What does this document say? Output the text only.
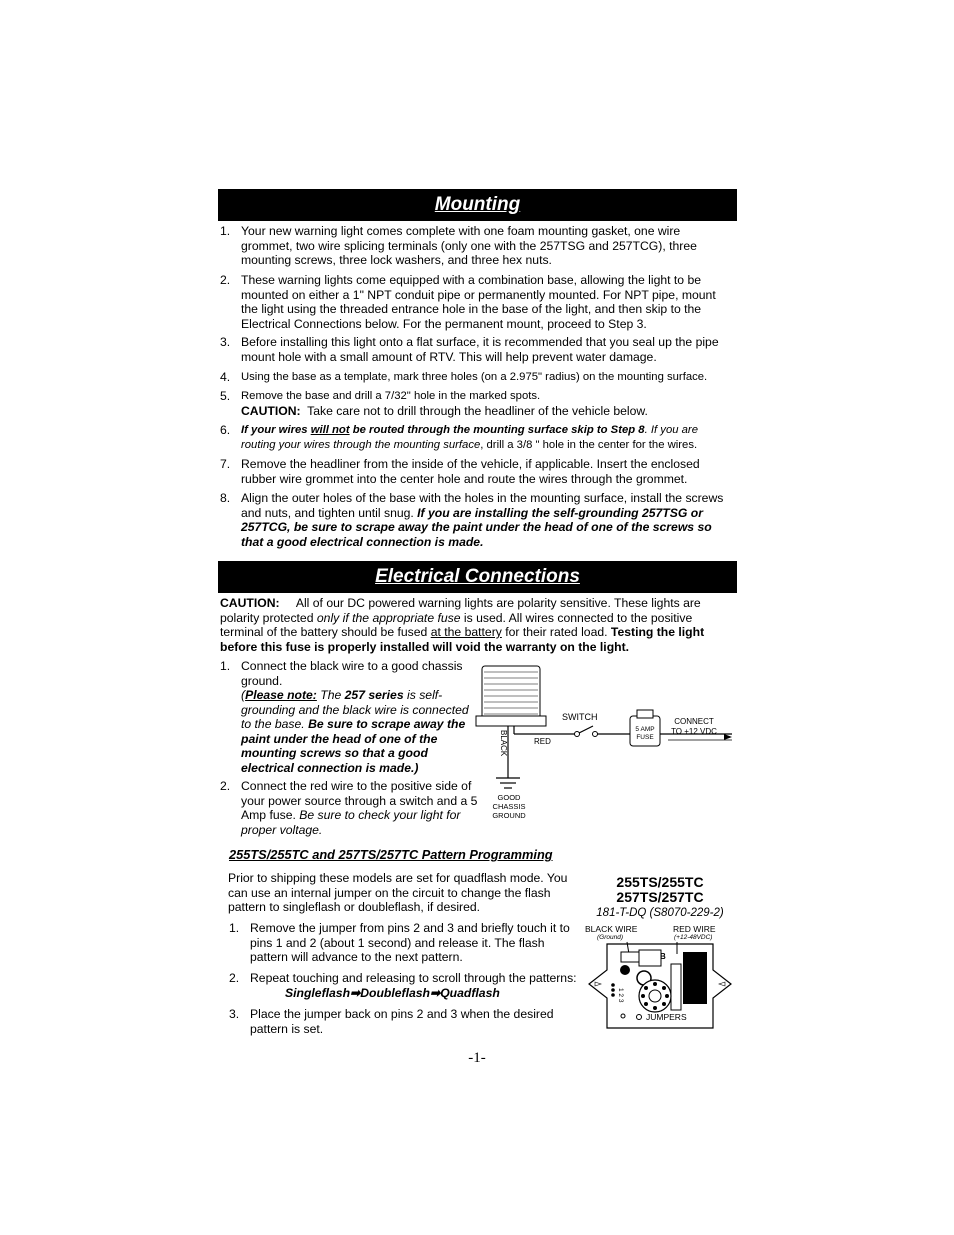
Mounting
1. Your new warning light comes complete with one foam mounting gasket, one wire grommet, two wire splicing terminals (only one with the 257TSG and 257TCG), three mounting screws, three lock washers, and three hex nuts.
2. These warning lights come equipped with a combination base, allowing the light to be mounted on either a 1" NPT conduit pipe or permanently mounted. For NPT pipe, mount the light using the threaded entrance hole in the base of the light, and then skip to the Electrical Connections below. For the permanent mount, proceed to Step 3.
3. Before installing this light onto a flat surface, it is recommended that you seal up the pipe mount hole with a small amount of RTV. This will help prevent water damage.
4. Using the base as a template, mark three holes (on a 2.975" radius) on the mounting surface.
5. Remove the base and drill a 7/32" hole in the marked spots.
CAUTION: Take care not to drill through the headliner of the vehicle below.
6. If your wires will not be routed through the mounting surface skip to Step 8. If you are routing your wires through the mounting surface, drill a 3/8 " hole in the center for the wires.
7. Remove the headliner from the inside of the vehicle, if applicable. Insert the enclosed rubber wire grommet into the center hole and route the wires through the grommet.
8. Align the outer holes of the base with the holes in the mounting surface, install the screws and nuts, and tighten until snug. If you are installing the self-grounding 257TSG or 257TCG, be sure to scrape away the paint under the head of one of the screws so that a good electrical connection is made.
Electrical Connections
CAUTION: All of our DC powered warning lights are polarity sensitive. These lights are polarity protected only if the appropriate fuse is used. All wires connected to the positive terminal of the battery should be fused at the battery for their rated load. Testing the light before this fuse is properly installed will void the warranty on the light.
1. Connect the black wire to a good chassis ground.
(Please note: The 257 series is self-grounding and the black wire is connected to the base. Be sure to scrape away the paint under the head of one of the mounting screws so that a good electrical connection is made.)
2. Connect the red wire to the positive side of your power source through a switch and a 5 Amp fuse. Be sure to check your light for proper voltage.
SWITCH
BLACK	RED
5 AMP
FUSE
CONNECT
TO +12 VDC
GOOD
CHASSIS
GROUND
255TS/255TC and 257TS/257TC Pattern Programming
Prior to shipping these models are set for quadflash mode. You can use an internal jumper on the circuit to change the flash pattern to singleflash or doubleflash, if desired.
1. Remove the jumper from pins 2 and 3 and briefly touch it to pins 1 and 2 (about 1 second) and release it. The flash pattern will advance to the next pattern.
2. Repeat touching and releasing to scroll through the patterns:
Singleflash➡Doubleflash➡Quadflash
3. Place the jumper back on pins 2 and 3 when the desired pattern is set.
255TS/255TC
257TS/257TC
181-T-DQ (S8070-229-2)
BLACK WIRE
(Ground)
RED WIRE
(+12-48VDC)
1 2 3
JUMPERS
B
-1-
